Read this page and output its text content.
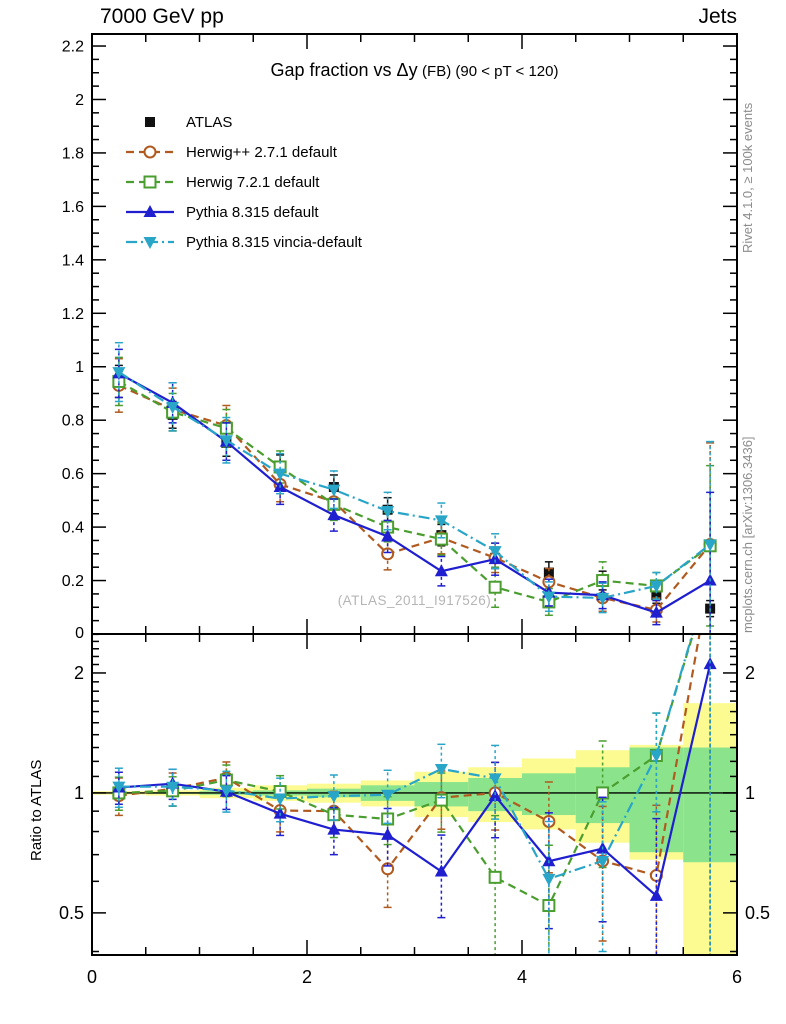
7000 GeV pp	Jets
0
0.2
0.4
0.6
0.8
1
1.2
1.4
1.6
1.8
2
2.2
0.5	0.5
1	1
2	2
0	2	4	6
Gap fraction vs Δy (FB) (90 < pT < 120)
ATLAS
Herwig++ 2.7.1 default
Herwig 7.2.1 default
Pythia 8.315 default
Pythia 8.315 vincia-default
(ATLAS_2011_I917526)
Rivet 4.1.0, ≥ 100k events
mcplots.cern.ch [arXiv:1306.3436]
Ratio to ATLAS
